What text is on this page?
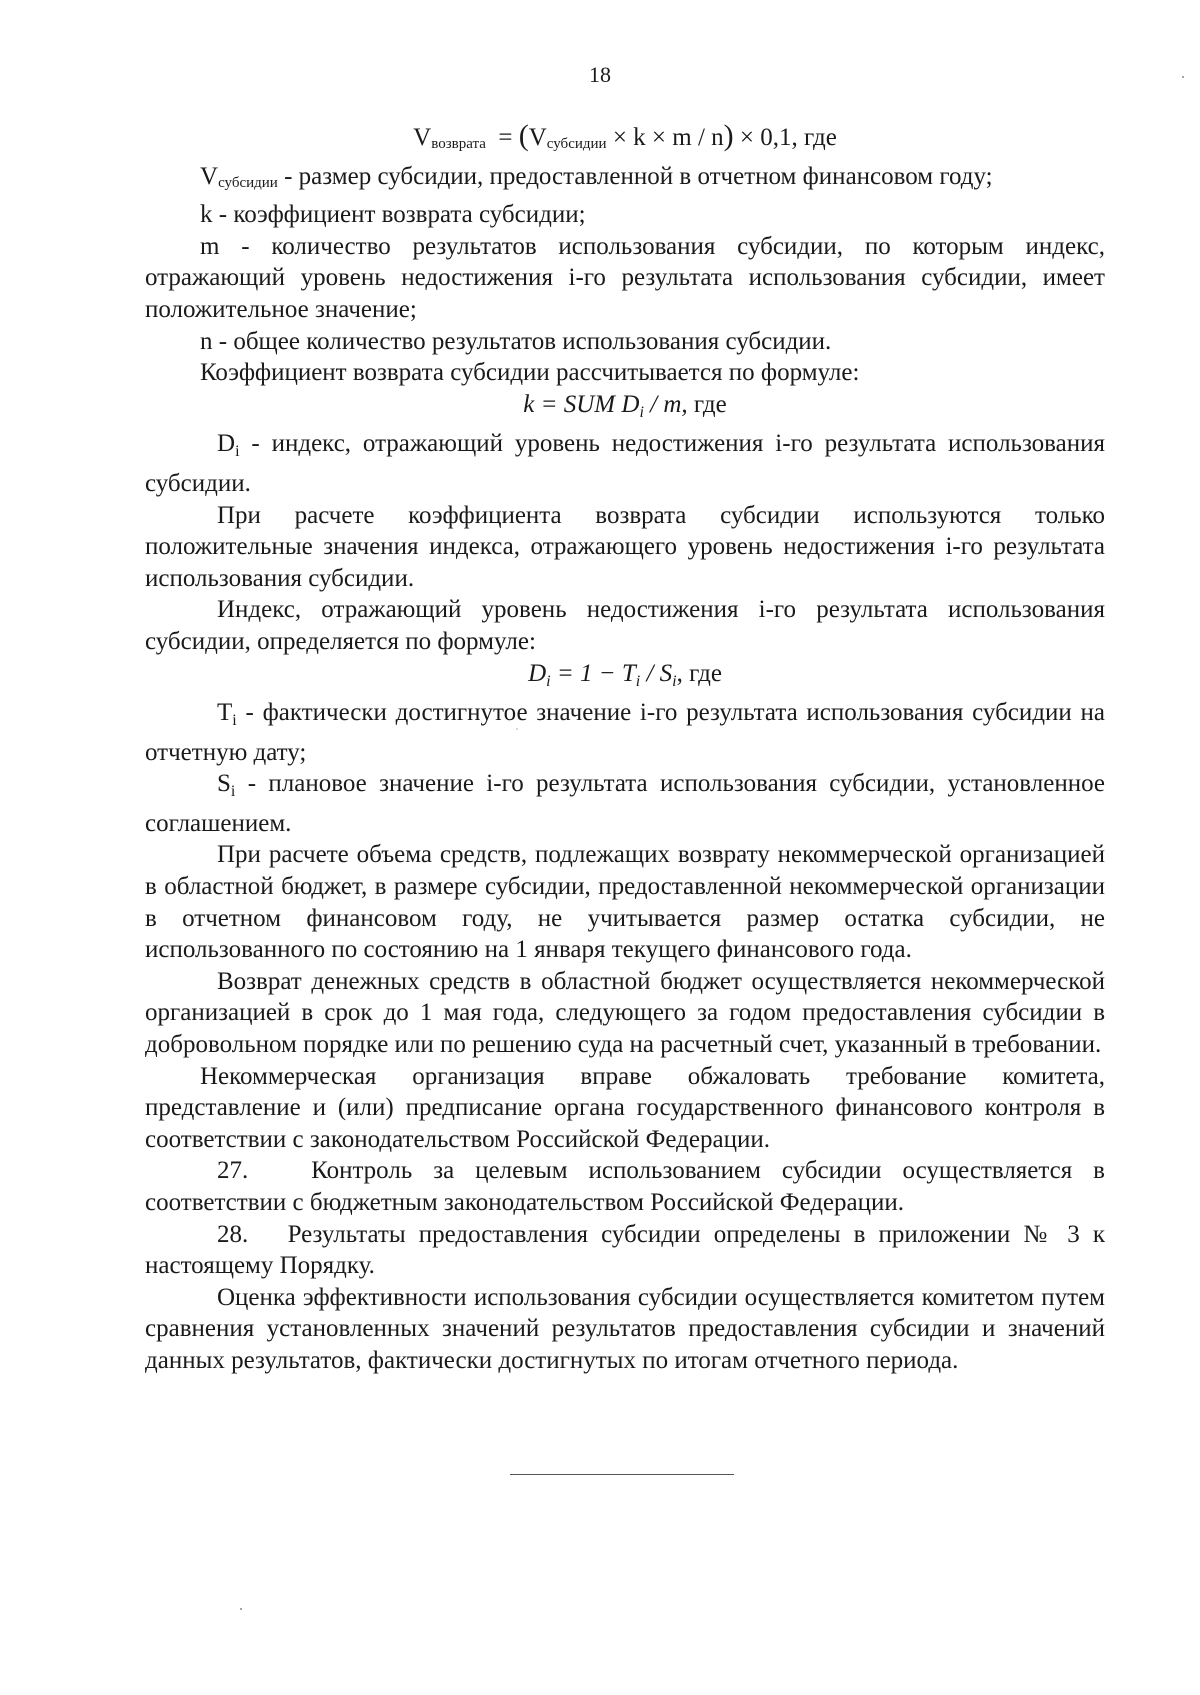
18

Vвозврата = (Vсубсидии × k × m / n) × 0,1, где

Vсубсидии - размер субсидии, предоставленной в отчетном финансовом году;

k - коэффициент возврата субсидии;

m - количество результатов использования субсидии, по которым индекс, отражающий уровень недостижения i-го результата использования субсидии, имеет положительное значение;

n - общее количество результатов использования субсидии.

Коэффициент возврата субсидии рассчитывается по формуле:

k = SUM $D_i$ / m, где

$D_i$ - индекс, отражающий уровень недостижения i-го результата использования субсидии.

При расчете коэффициента возврата субсидии используются только положительные значения индекса, отражающего уровень недостижения i-го результата использования субсидии.

Индекс, отражающий уровень недостижения i-го результата использования субсидии, определяется по формуле:

$D_i = 1 - T_i / S_i$, где

$T_i$ - фактически достигнутое значение i-го результата использования субсидии на отчетную дату;

$S_i$ - плановое значение i-го результата использования субсидии, установленное соглашением.

При расчете объема средств, подлежащих возврату некоммерческой организацией в областной бюджет, в размере субсидии, предоставленной некоммерческой организации в отчетном финансовом году, не учитывается размер остатка субсидии, не использованного по состоянию на 1 января текущего финансового года.

Возврат денежных средств в областной бюджет осуществляется некоммерческой организацией в срок до 1 мая года, следующего за годом предоставления субсидии в добровольном порядке или по решению суда на расчетный счет, указанный в требовании.

Некоммерческая организация вправе обжаловать требование комитета, представление и (или) предписание органа государственного финансового контроля в соответствии с законодательством Российской Федерации.

27.	Контроль за целевым использованием субсидии осуществляется в соответствии с бюджетным законодательством Российской Федерации.

28. Результаты предоставления субсидии определены в приложении № 3 к настоящему Порядку.

Оценка эффективности использования субсидии осуществляется комитетом путем сравнения установленных значений результатов предоставления субсидии и значений данных результатов, фактически достигнутых по итогам отчетного периода.
